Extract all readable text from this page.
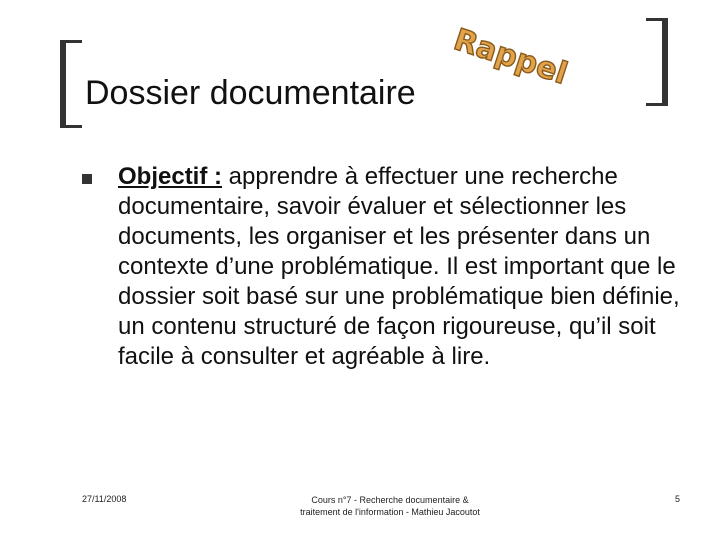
Dossier documentaire
Rappel

Objectif : apprendre à effectuer une recherche documentaire, savoir évaluer et sélectionner les documents, les organiser et les présenter dans un contexte d’une problématique. Il est important que le dossier soit basé sur une problématique bien définie, un contenu structuré de façon rigoureuse, qu’il soit facile à consulter et agréable à lire.

27/11/2008	Cours n°7 - Recherche documentaire &
traitement de l'information - Mathieu Jacoutot
5
